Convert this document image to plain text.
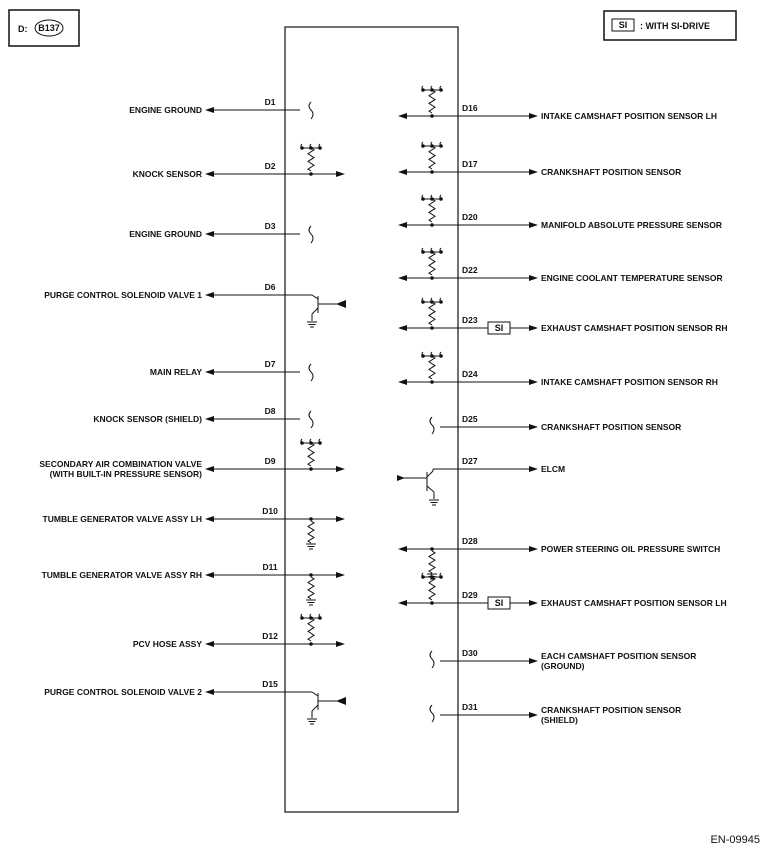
D: B137	SI : WITH SI-DRIVE
ENGINE GROUND
D1
KNOCK SENSOR
D2
ENGINE GROUND
D3
PURGE CONTROL SOLENOID VALVE 1
D6
MAIN RELAY
D7
KNOCK SENSOR (SHIELD)
D8
SECONDARY AIR COMBINATION VALVE
(WITH BUILT-IN PRESSURE SENSOR)
D9
TUMBLE GENERATOR VALVE ASSY LH
D10
TUMBLE GENERATOR VALVE ASSY RH
D11
PCV HOSE ASSY
D12
PURGE CONTROL SOLENOID VALVE 2
D15
INTAKE CAMSHAFT POSITION SENSOR LH
D16
CRANKSHAFT POSITION SENSOR
D17
MANIFOLD ABSOLUTE PRESSURE SENSOR
D20
ENGINE COOLANT TEMPERATURE SENSOR
D22
EXHAUST CAMSHAFT POSITION SENSOR RH
D23
SI
INTAKE CAMSHAFT POSITION SENSOR RH
D24
CRANKSHAFT POSITION SENSOR
D25
ELCM
D27
POWER STEERING OIL PRESSURE SWITCH
D28
EXHAUST CAMSHAFT POSITION SENSOR LH
D29
SI
EACH CAMSHAFT POSITION SENSOR
(GROUND)
D30
CRANKSHAFT POSITION SENSOR
(SHIELD)
D31
EN-09945
